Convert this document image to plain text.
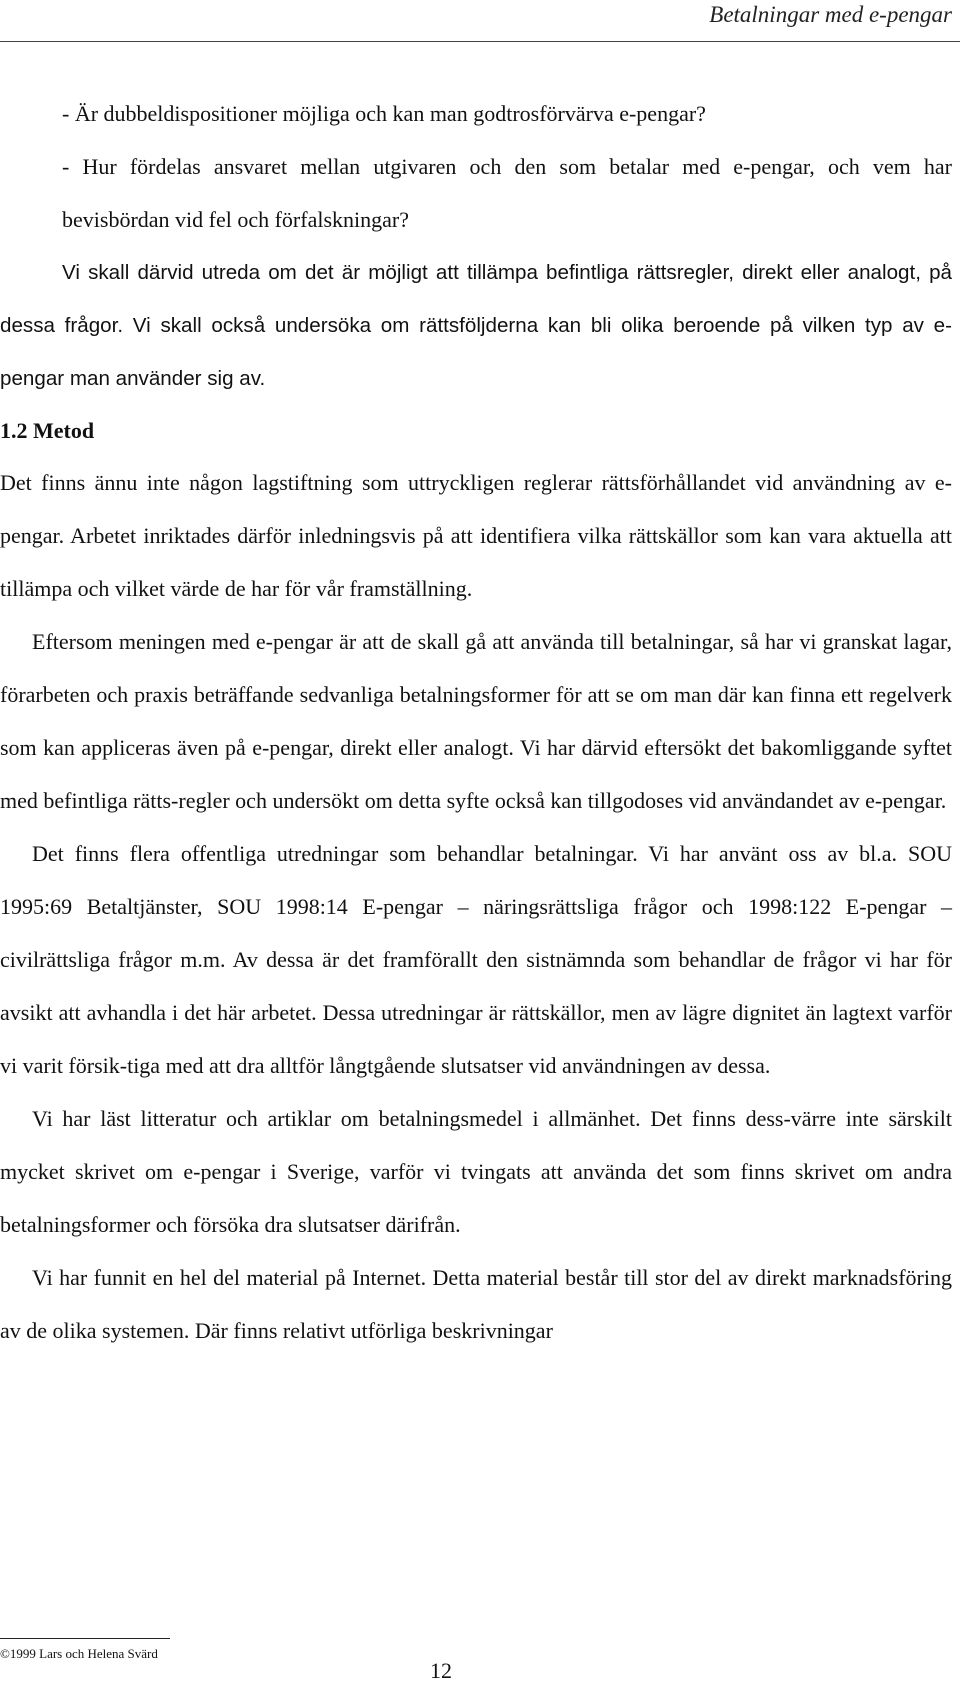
Betalningar med e-pengar

- Är dubbeldispositioner möjliga och kan man godtrosförvärva e-pengar?

- Hur fördelas ansvaret mellan utgivaren och den som betalar med e-pengar, och vem har bevisbördan vid fel och förfalskningar?

Vi skall därvid utreda om det är möjligt att tillämpa befintliga rättsregler, direkt eller analogt, på dessa frågor. Vi skall också undersöka om rättsföljderna kan bli olika beroende på vilken typ av e-pengar man använder sig av.

1.2 Metod

Det finns ännu inte någon lagstiftning som uttryckligen reglerar rättsförhållandet vid användning av e-pengar. Arbetet inriktades därför inledningsvis på att identifiera vilka rättskällor som kan vara aktuella att tillämpa och vilket värde de har för vår framställning.

Eftersom meningen med e-pengar är att de skall gå att använda till betalningar, så har vi granskat lagar, förarbeten och praxis beträffande sedvanliga betalningsformer för att se om man där kan finna ett regelverk som kan appliceras även på e-pengar, direkt eller analogt. Vi har därvid eftersökt det bakomliggande syftet med befintliga rätts-regler och undersökt om detta syfte också kan tillgodoses vid användandet av e-pengar.

Det finns flera offentliga utredningar som behandlar betalningar. Vi har använt oss av bl.a. SOU 1995:69 Betaltjänster, SOU 1998:14 E-pengar – näringsrättsliga frågor och 1998:122 E-pengar – civilrättsliga frågor m.m. Av dessa är det framförallt den sistnämnda som behandlar de frågor vi har för avsikt att avhandla i det här arbetet. Dessa utredningar är rättskällor, men av lägre dignitet än lagtext varför vi varit försik-tiga med att dra alltför långtgående slutsatser vid användningen av dessa.

Vi har läst litteratur och artiklar om betalningsmedel i allmänhet. Det finns dess-värre inte särskilt mycket skrivet om e-pengar i Sverige, varför vi tvingats att använda det som finns skrivet om andra betalningsformer och försöka dra slutsatser därifrån.

Vi har funnit en hel del material på Internet. Detta material består till stor del av direkt marknadsföring av de olika systemen. Där finns relativt utförliga beskrivningar

©1999 Lars och Helena Svärd
12
